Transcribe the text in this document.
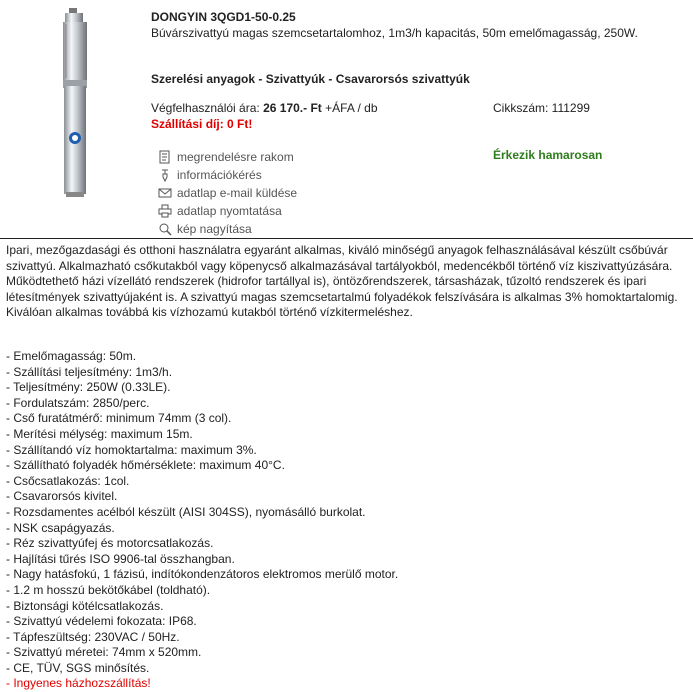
DONGYIN 3QGD1-50-0.25
Búvárszivattyú magas szemcsetartalomhoz, 1m3/h kapacitás, 50m emelőmagasság, 250W.
Szerelési anyagok - Szivattyúk - Csavarorsós szivattyúk
Végfelhasználói ára: 26 170.- Ft +ÁFA / db	Cikkszám: 111299
Szállítási díj: 0 Ft!
megrendelésre rakom
információkérés
adatlap e-mail küldése
adatlap nyomtatása
kép nagyítása
Érkezik hamarosan
Ipari, mezőgazdasági és otthoni használatra egyaránt alkalmas, kiváló minőségű anyagok felhasználásával készült csőbúvár szivattyú. Alkalmazható csőkutakból vagy köpenycső alkalmazásával tartályokból, medencékből történő víz kiszivattyúzására. Működtethető házi vízellátó rendszerek (hidrofor tartállyal is), öntözőrendszerek, társasházak, tűzoltó rendszerek és ipari létesítmények szivattyújaként is. A szivattyú magas szemcsetartalmú folyadékok felszívására is alkalmas 3% homoktartalomig. Kiválóan alkalmas továbbá kis vízhozamú kutakból történő vízkitermeléshez.
- Emelőmagasság: 50m.
- Szállítási teljesítmény: 1m3/h.
- Teljesítmény: 250W (0.33LE).
- Fordulatszám: 2850/perc.
- Cső furatátmérő: minimum 74mm (3 col).
- Merítési mélység: maximum 15m.
- Szállítandó víz homoktartalma: maximum 3%.
- Szállítható folyadék hőmérséklete: maximum 40°C.
- Csőcsatlakozás: 1col.
- Csavarorsós kivitel.
- Rozsdamentes acélból készült (AISI 304SS), nyomásálló burkolat.
- NSK csapágyazás.
- Réz szivattyúfej és motorcsatlakozás.
- Hajlítási tűrés ISO 9906-tal összhangban.
- Nagy hatásfokú, 1 fázisú, indítókondenzátoros elektromos merülő motor.
- 1.2 m hosszú bekötőkábel (toldható).
- Biztonsági kötélcsatlakozás.
- Szivattyú védelemi fokozata: IP68.
- Tápfeszültség: 230VAC / 50Hz.
- Szivattyú méretei: 74mm x 520mm.
- CE, TÜV, SGS minősítés.
- Ingyenes házhozszállítás!
